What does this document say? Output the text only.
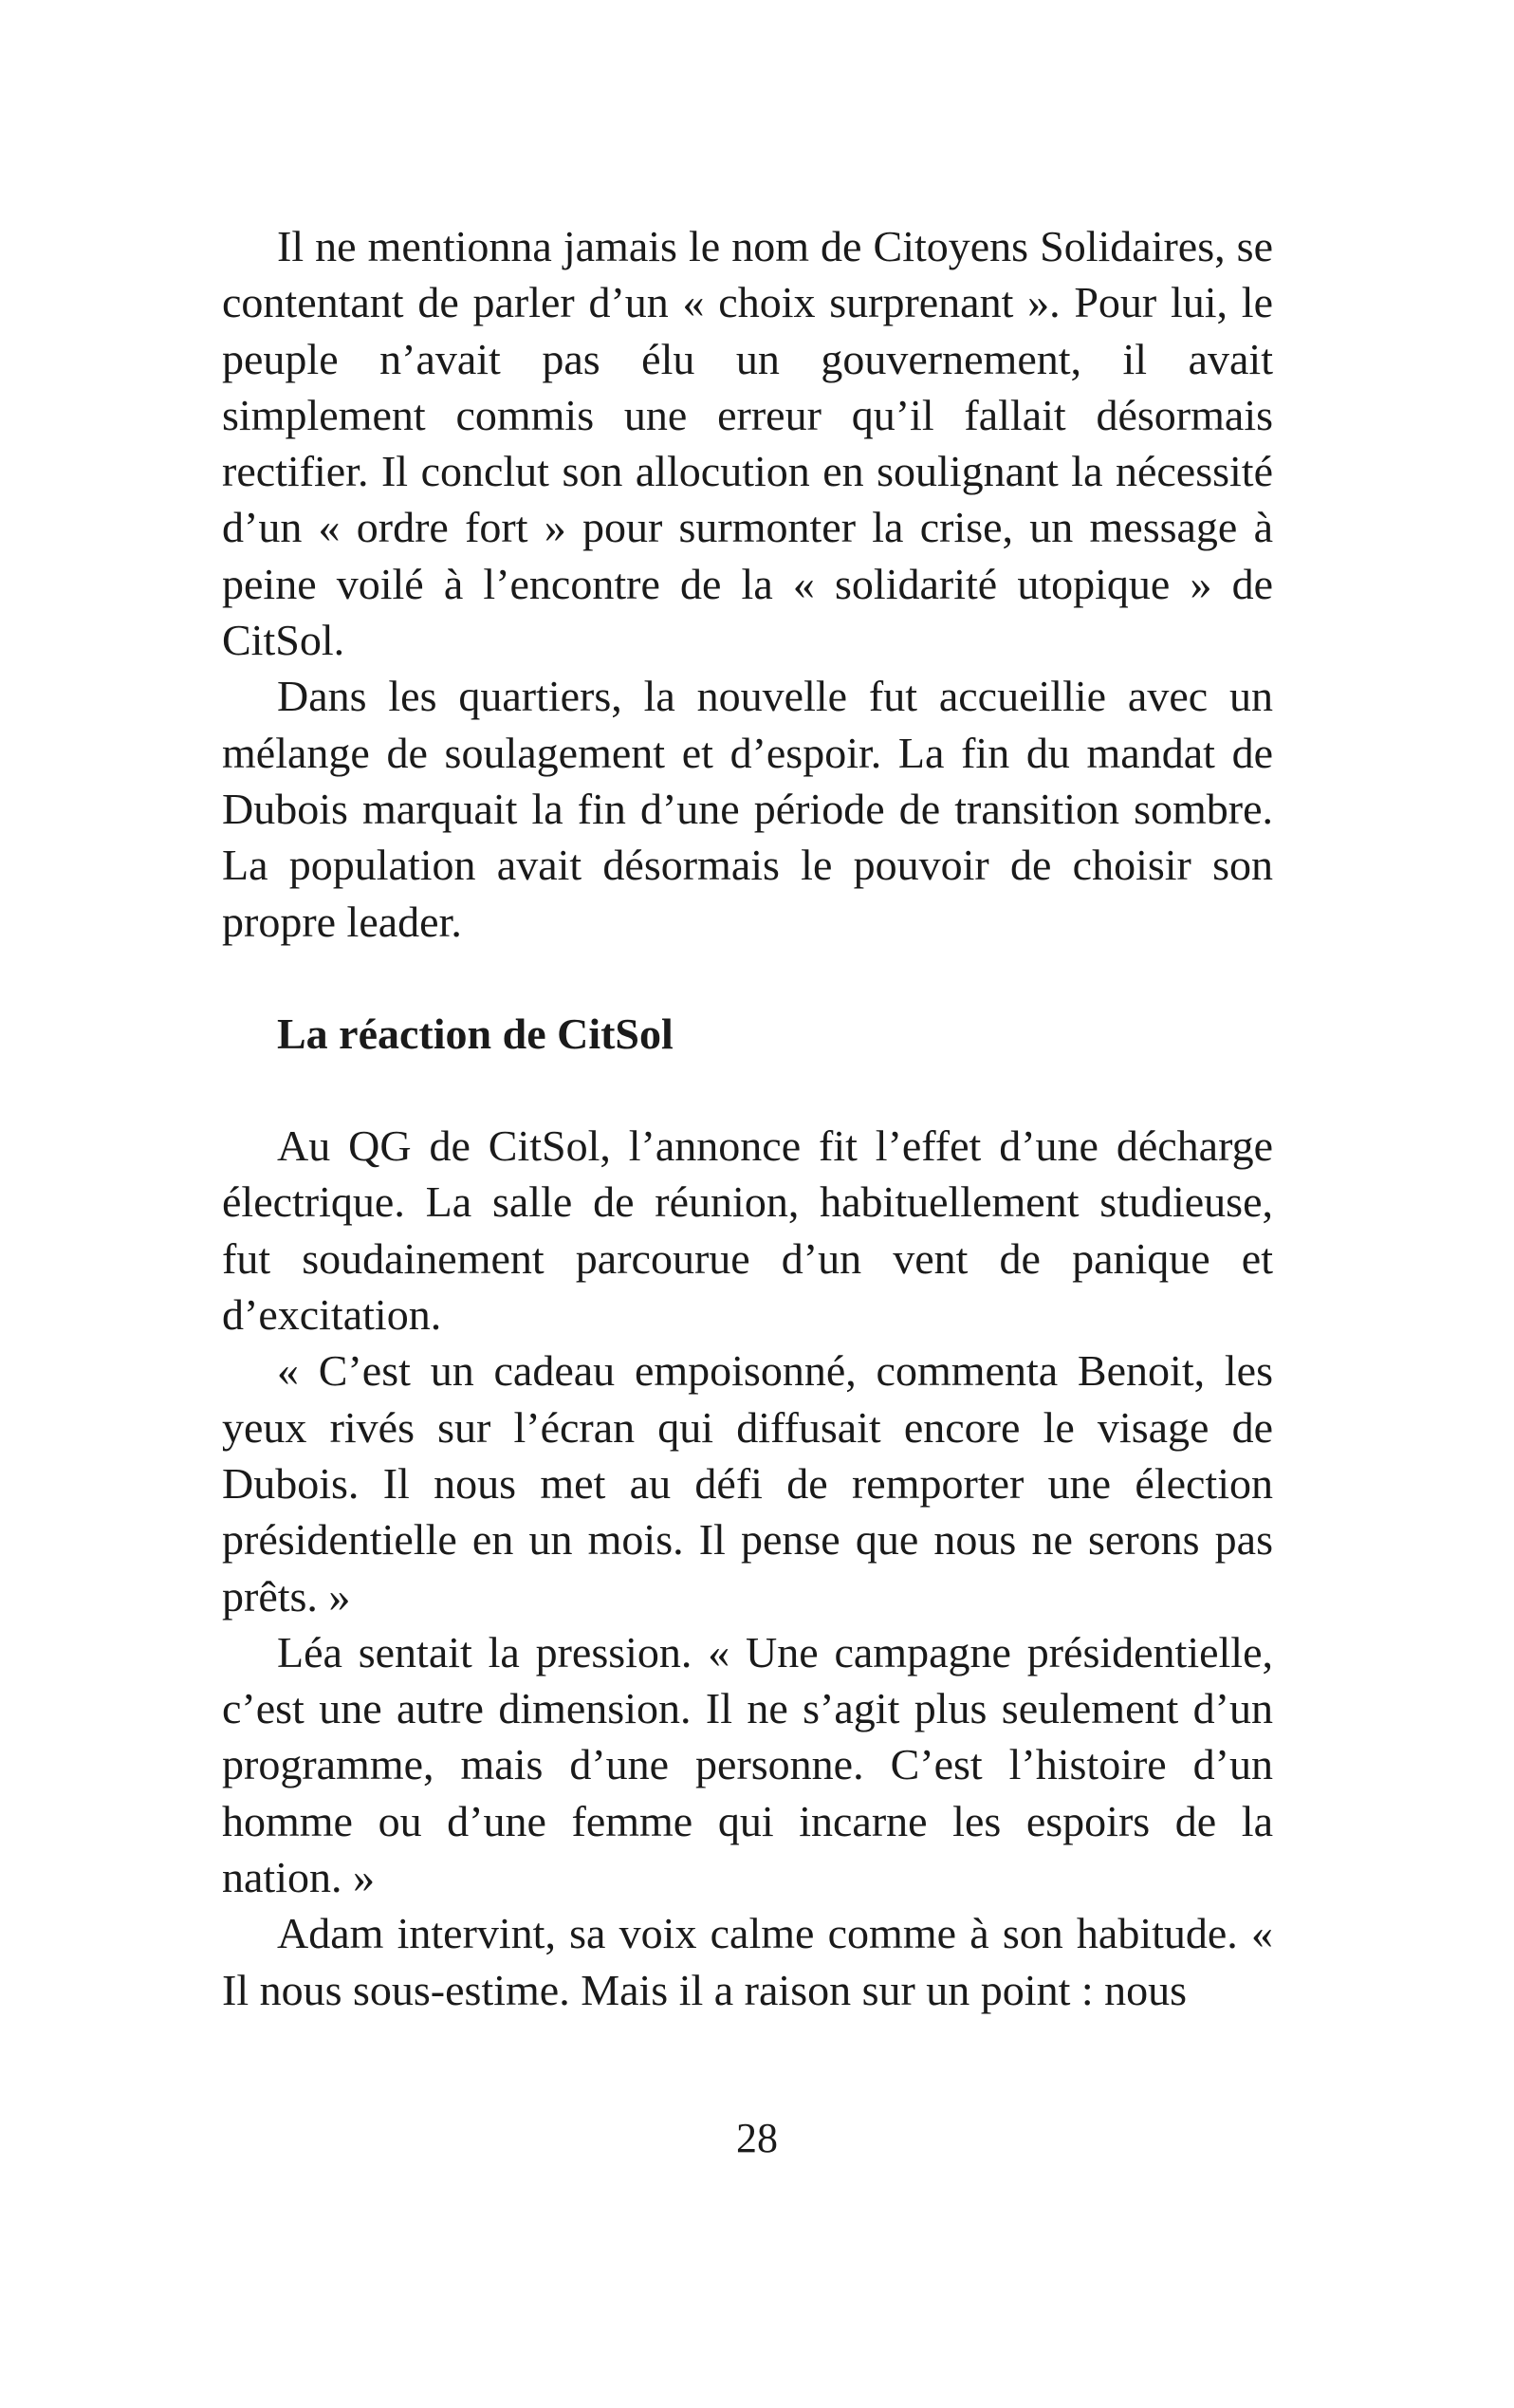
Il ne mentionna jamais le nom de Citoyens Solidaires, se contentant de parler d’un « choix surprenant ». Pour lui, le peuple n’avait pas élu un gouvernement, il avait simplement commis une erreur qu’il fallait désormais rectifier. Il conclut son allocution en soulignant la nécessité d’un « ordre fort » pour surmonter la crise, un message à peine voilé à l’encontre de la « solidarité utopique » de CitSol.

Dans les quartiers, la nouvelle fut accueillie avec un mélange de soulagement et d’espoir. La fin du mandat de Dubois marquait la fin d’une période de transition sombre. La population avait désormais le pouvoir de choisir son propre leader.

La réaction de CitSol

Au QG de CitSol, l’annonce fit l’effet d’une décharge électrique. La salle de réunion, habituellement studieuse, fut soudainement parcourue d’un vent de panique et d’excitation.

« C’est un cadeau empoisonné, commenta Benoit, les yeux rivés sur l’écran qui diffusait encore le visage de Dubois. Il nous met au défi de remporter une élection présidentielle en un mois. Il pense que nous ne serons pas prêts. »

Léa sentait la pression. « Une campagne présidentielle, c’est une autre dimension. Il ne s’agit plus seulement d’un programme, mais d’une personne. C’est l’histoire d’un homme ou d’une femme qui incarne les espoirs de la nation. »

Adam intervint, sa voix calme comme à son habitude. « Il nous sous-estime. Mais il a raison sur un point : nous

28
